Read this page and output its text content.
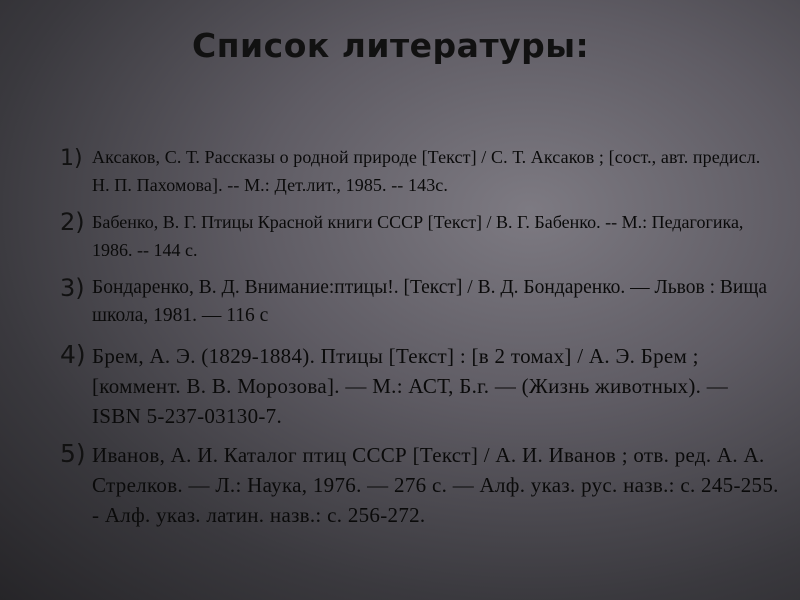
Список литературы:
1) Аксаков, С. Т. Рассказы о родной природе [Текст] / С. Т. Аксаков ; [сост., авт. предисл. Н. П. Пахомова]. -- М.: Дет.лит., 1985. -- 143с.
2) Бабенко, В. Г. Птицы Красной книги СССР [Текст] / В. Г. Бабенко. -- М.: Педагогика, 1986. -- 144 с.
3) Бондаренко, В. Д. Внимание:птицы!. [Текст] / В. Д. Бондаренко. — Львов : Вища школа, 1981. — 116 с
4) Брем, А. Э. (1829-1884). Птицы [Текст] : [в 2 томах] / А. Э. Брем ; [коммент. В. В. Морозова]. — М.: АСТ, Б.г. — (Жизнь животных). — ISBN 5-237-03130-7.
5) Иванов, А. И. Каталог птиц СССР [Текст] / А. И. Иванов ; отв. ред. А. А. Стрелков. — Л.: Наука, 1976. — 276 с. — Алф. указ. рус. назв.: с. 245-255. - Алф. указ. латин. назв.: с. 256-272.
